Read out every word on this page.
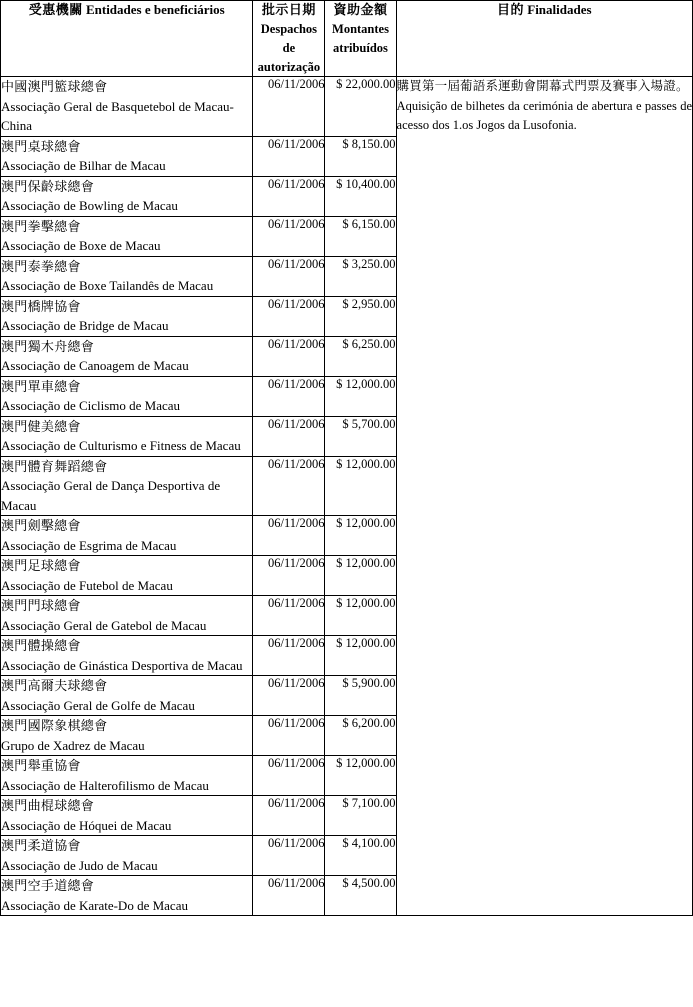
受惠機關 Entidades e beneficiários	批示日期 Despachos de autorização	資助金額 Montantes atribuídos	目的 Finalidades

中國澳門籃球總會
Associação Geral de Basquetebol de Macau-China	06/11/2006	$ 22,000.00	購買第一屆葡語系運動會開幕式門票及賽事入場證。
Aquisição de bilhetes da cerimónia de abertura e passes de acesso dos 1.os Jogos da Lusofonia.

澳門桌球總會
Associação de Bilhar de Macau	06/11/2006	$ 8,150.00	

澳門保齡球總會
Associação de Bowling de Macau	06/11/2006	$ 10,400.00	

澳門拳擊總會
Associação de Boxe de Macau	06/11/2006	$ 6,150.00	

澳門泰拳總會
Associação de Boxe Tailandês de Macau	06/11/2006	$ 3,250.00	

澳門橋牌協會
Associação de Bridge de Macau	06/11/2006	$ 2,950.00	

澳門獨木舟總會
Associação de Canoagem de Macau	06/11/2006	$ 6,250.00	

澳門單車總會
Associação de Ciclismo de Macau	06/11/2006	$ 12,000.00	

澳門健美總會
Associação de Culturismo e Fitness de Macau	06/11/2006	$ 5,700.00	

澳門體育舞蹈總會
Associação Geral de Dança Desportiva de Macau	06/11/2006	$ 12,000.00	

澳門劍擊總會
Associação de Esgrima de Macau	06/11/2006	$ 12,000.00	

澳門足球總會
Associação de Futebol de Macau	06/11/2006	$ 12,000.00	

澳門門球總會
Associação Geral de Gatebol de Macau	06/11/2006	$ 12,000.00	

澳門體操總會
Associação de Ginástica Desportiva de Macau	06/11/2006	$ 12,000.00	

澳門高爾夫球總會
Associação Geral de Golfe de Macau	06/11/2006	$ 5,900.00	

澳門國際象棋總會
Grupo de Xadrez de Macau	06/11/2006	$ 6,200.00	

澳門舉重協會
Associação de Halterofilismo de Macau	06/11/2006	$ 12,000.00	

澳門曲棍球總會
Associação de Hóquei de Macau	06/11/2006	$ 7,100.00	

澳門柔道協會
Associação de Judo de Macau	06/11/2006	$ 4,100.00	

澳門空手道總會
Associação de Karate-Do de Macau	06/11/2006	$ 4,500.00	
